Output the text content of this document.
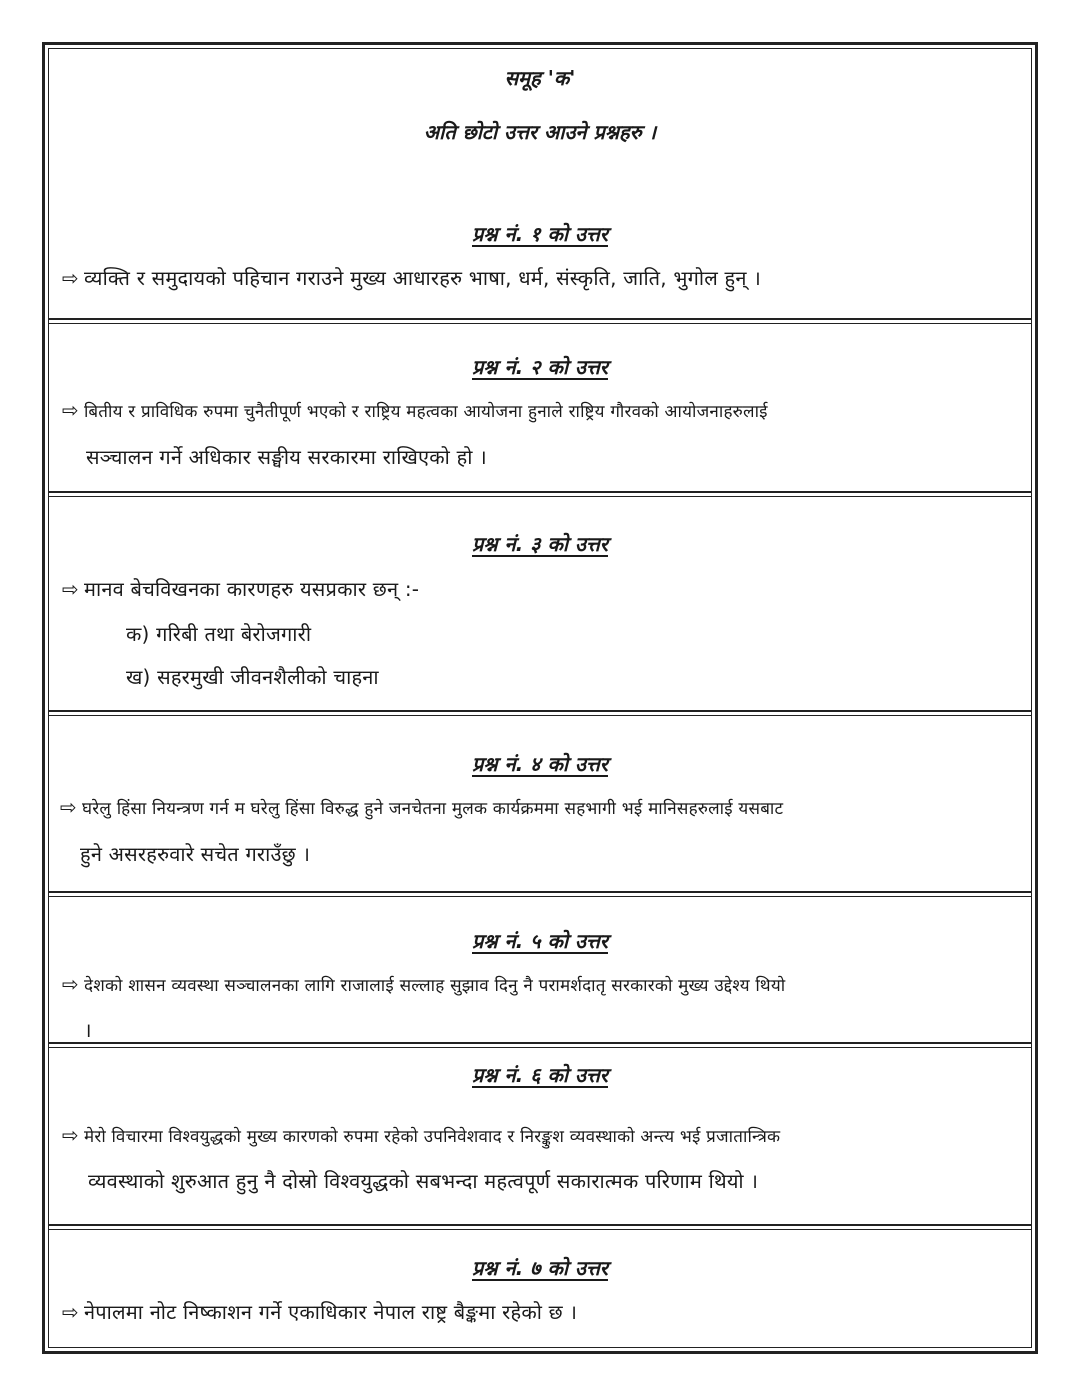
समूह 'क'
अति छोटो उत्तर आउने प्रश्नहरु ।
प्रश्न नं. १ को उत्तर
⇨ व्यक्ति र समुदायको पहिचान गराउने मुख्य आधारहरु भाषा, धर्म, संस्कृति, जाति, भुगोल हुन् ।
प्रश्न नं. २ को उत्तर
⇨ बितीय र प्राविधिक रुपमा चुनैतीपूर्ण भएको र राष्ट्रिय महत्वका आयोजना हुनाले राष्ट्रिय गौरवको आयोजनाहरुलाई
सञ्चालन गर्ने अधिकार सङ्घीय सरकारमा राखिएको हो ।
प्रश्न नं. ३ को उत्तर
⇨ मानव बेचविखनका कारणहरु यसप्रकार छन् :-
क) गरिबी तथा बेरोजगारी
ख) सहरमुखी जीवनशैलीको चाहना
प्रश्न नं. ४ को उत्तर
⇨ घरेलु हिंसा नियन्त्रण गर्न म घरेलु हिंसा विरुद्ध हुने जनचेतना मुलक कार्यक्रममा सहभागी भई मानिसहरुलाई यसबाट
हुने असरहरुवारे सचेत गराउँछु ।
प्रश्न नं. ५ को उत्तर
⇨ देशको शासन व्यवस्था सञ्चालनका लागि राजालाई सल्लाह सुझाव दिनु नै परामर्शदातृ सरकारको मुख्य उद्देश्य थियो
।
प्रश्न नं. ६ को उत्तर
⇨ मेरो विचारमा विश्वयुद्धको मुख्य कारणको रुपमा रहेको उपनिवेशवाद र निरङ्कुश व्यवस्थाको अन्त्य भई प्रजातान्त्रिक
व्यवस्थाको शुरुआत हुनु नै दोस्रो विश्वयुद्धको सबभन्दा महत्वपूर्ण सकारात्मक परिणाम थियो ।
प्रश्न नं. ७ को उत्तर
⇨ नेपालमा नोट निष्काशन गर्ने एकाधिकार नेपाल राष्ट्र बैङ्कमा रहेको छ ।
